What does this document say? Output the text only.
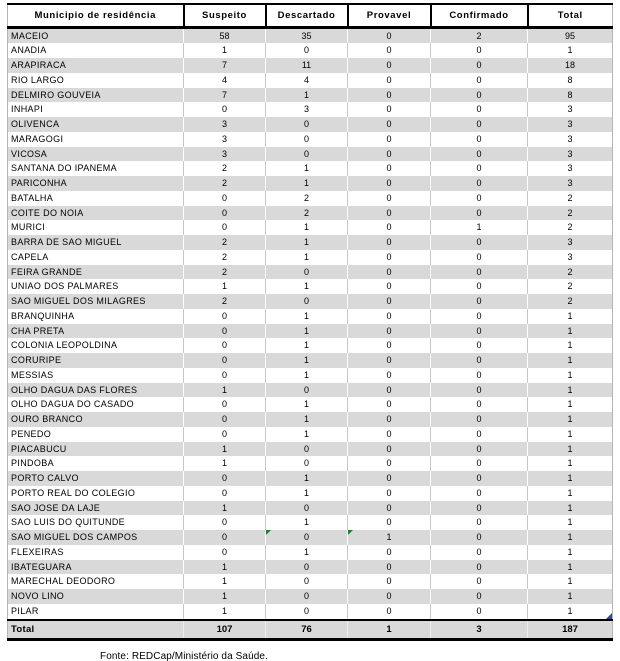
Municipio de residência	Suspeito	Descartado	Provavel	Confirmado	Total
MACEIO	58	35	0	2	95
ANADIA	1	0	0	0	1
ARAPIRACA	7	11	0	0	18
RIO LARGO	4	4	0	0	8
DELMIRO GOUVEIA	7	1	0	0	8
INHAPI	0	3	0	0	3
OLIVENCA	3	0	0	0	3
MARAGOGI	3	0	0	0	3
VICOSA	3	0	0	0	3
SANTANA DO IPANEMA	2	1	0	0	3
PARICONHA	2	1	0	0	3
BATALHA	0	2	0	0	2
COITE DO NOIA	0	2	0	0	2
MURICI	0	1	0	1	2
BARRA DE SAO MIGUEL	2	1	0	0	3
CAPELA	2	1	0	0	3
FEIRA GRANDE	2	0	0	0	2
UNIAO DOS PALMARES	1	1	0	0	2
SAO MIGUEL DOS MILAGRES	2	0	0	0	2
BRANQUINHA	0	1	0	0	1
CHA PRETA	0	1	0	0	1
COLONIA LEOPOLDINA	0	1	0	0	1
CORURIPE	0	1	0	0	1
MESSIAS	0	1	0	0	1
OLHO DAGUA DAS FLORES	1	0	0	0	1
OLHO DAGUA DO CASADO	0	1	0	0	1
OURO BRANCO	0	1	0	0	1
PENEDO	0	1	0	0	1
PIACABUCU	1	0	0	0	1
PINDOBA	1	0	0	0	1
PORTO CALVO	0	1	0	0	1
PORTO REAL DO COLEGIO	0	1	0	0	1
SAO JOSE DA LAJE	1	0	0	0	1
SAO LUIS DO QUITUNDE	0	1	0	0	1
SAO MIGUEL DOS CAMPOS	0	0	1	0	1
FLEXEIRAS	0	1	0	0	1
IBATEGUARA	1	0	0	0	1
MARECHAL DEODORO	1	0	0	0	1
NOVO LINO	1	0	0	0	1
PILAR	1	0	0	0	1

Total	107	76	1	3	187
Fonte: REDCap/Ministério da Saúde.
